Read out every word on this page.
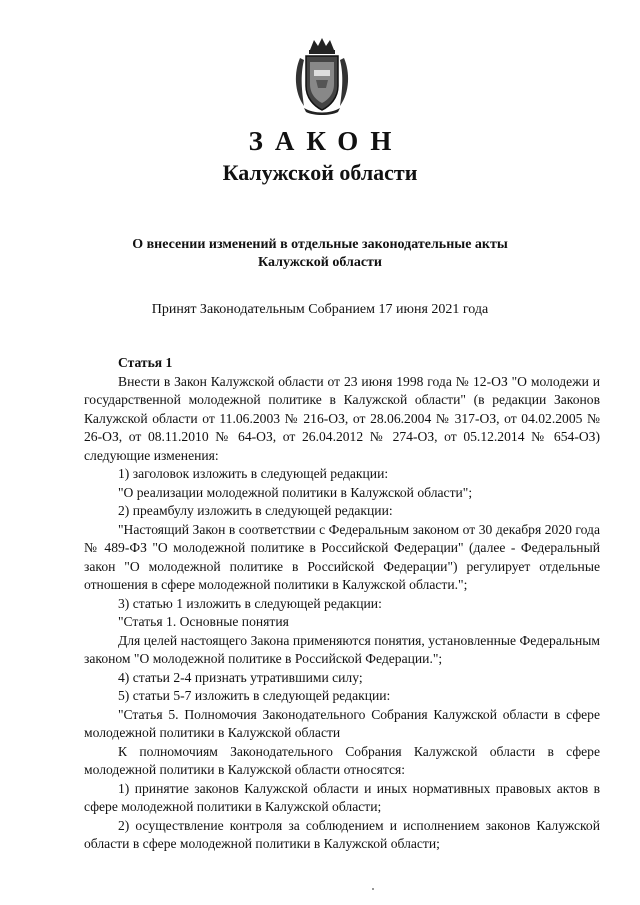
ЗАКОН
Калужской области
О внесении изменений в отдельные законодательные акты
Калужской области
Принят Законодательным Собранием 17 июня 2021 года

Статья 1

Внести в Закон Калужской области от 23 июня 1998 года № 12-ОЗ "О молодежи и государственной молодежной политике в Калужской области" (в редакции Законов Калужской области от 11.06.2003 № 216-ОЗ, от 28.06.2004 № 317-ОЗ, от 04.02.2005 № 26-ОЗ, от 08.11.2010 № 64-ОЗ, от 26.04.2012 № 274-ОЗ, от 05.12.2014 № 654-ОЗ) следующие изменения:

1) заголовок изложить в следующей редакции:

"О реализации молодежной политики в Калужской области";

2) преамбулу изложить в следующей редакции:

"Настоящий Закон в соответствии с Федеральным законом от 30 декабря 2020 года № 489-ФЗ "О молодежной политике в Российской Федерации" (далее - Федеральный закон "О молодежной политике в Российской Федерации") регулирует отдельные отношения в сфере молодежной политики в Калужской области.";

3) статью 1 изложить в следующей редакции:

"Статья 1. Основные понятия

Для целей настоящего Закона применяются понятия, установленные Федеральным законом "О молодежной политике в Российской Федерации.";

4) статьи 2-4 признать утратившими силу;

5) статьи 5-7 изложить в следующей редакции:

"Статья 5. Полномочия Законодательного Собрания Калужской области в сфере молодежной политики в Калужской области

К полномочиям Законодательного Собрания Калужской области в сфере молодежной политики в Калужской области относятся:

1) принятие законов Калужской области и иных нормативных правовых актов в сфере молодежной политики в Калужской области;

2) осуществление контроля за соблюдением и исполнением законов Калужской области в сфере молодежной политики в Калужской области;
